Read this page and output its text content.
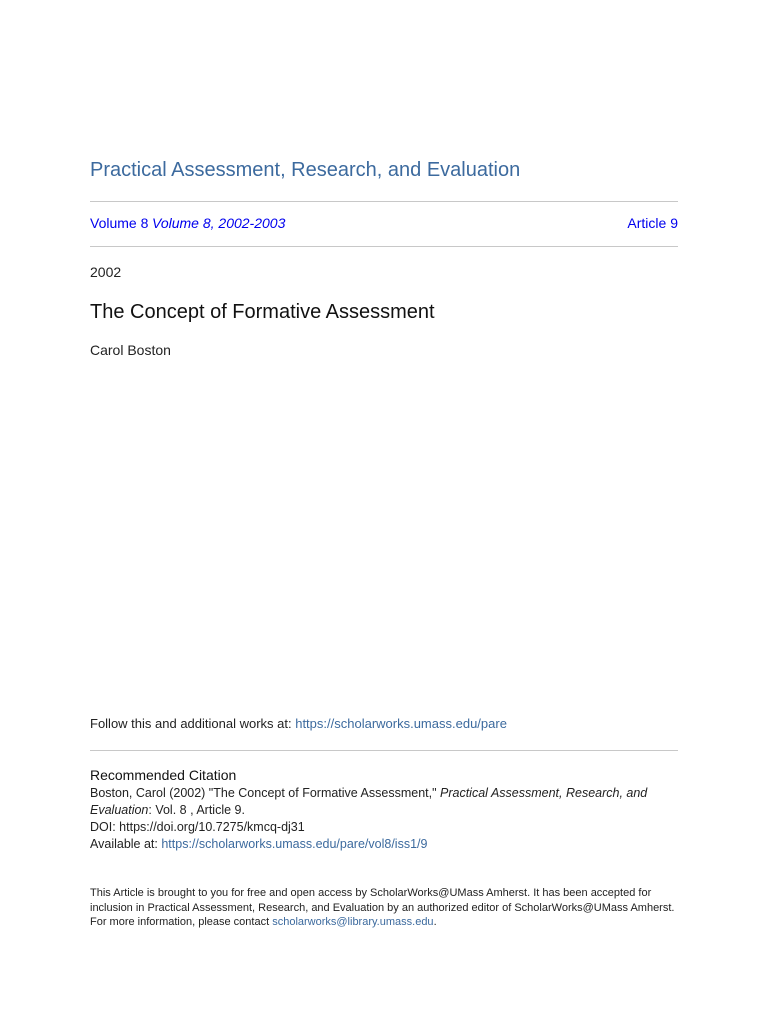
Practical Assessment, Research, and Evaluation
Volume 8 Volume 8, 2002-2003	Article 9
2002
The Concept of Formative Assessment
Carol Boston
Follow this and additional works at: https://scholarworks.umass.edu/pare
Recommended Citation
Boston, Carol (2002) "The Concept of Formative Assessment," Practical Assessment, Research, and
Evaluation: Vol. 8 , Article 9.
DOI: https://doi.org/10.7275/kmcq-dj31
Available at: https://scholarworks.umass.edu/pare/vol8/iss1/9
This Article is brought to you for free and open access by ScholarWorks@UMass Amherst. It has been accepted for inclusion in Practical Assessment, Research, and Evaluation by an authorized editor of ScholarWorks@UMass Amherst. For more information, please contact scholarworks@library.umass.edu.
